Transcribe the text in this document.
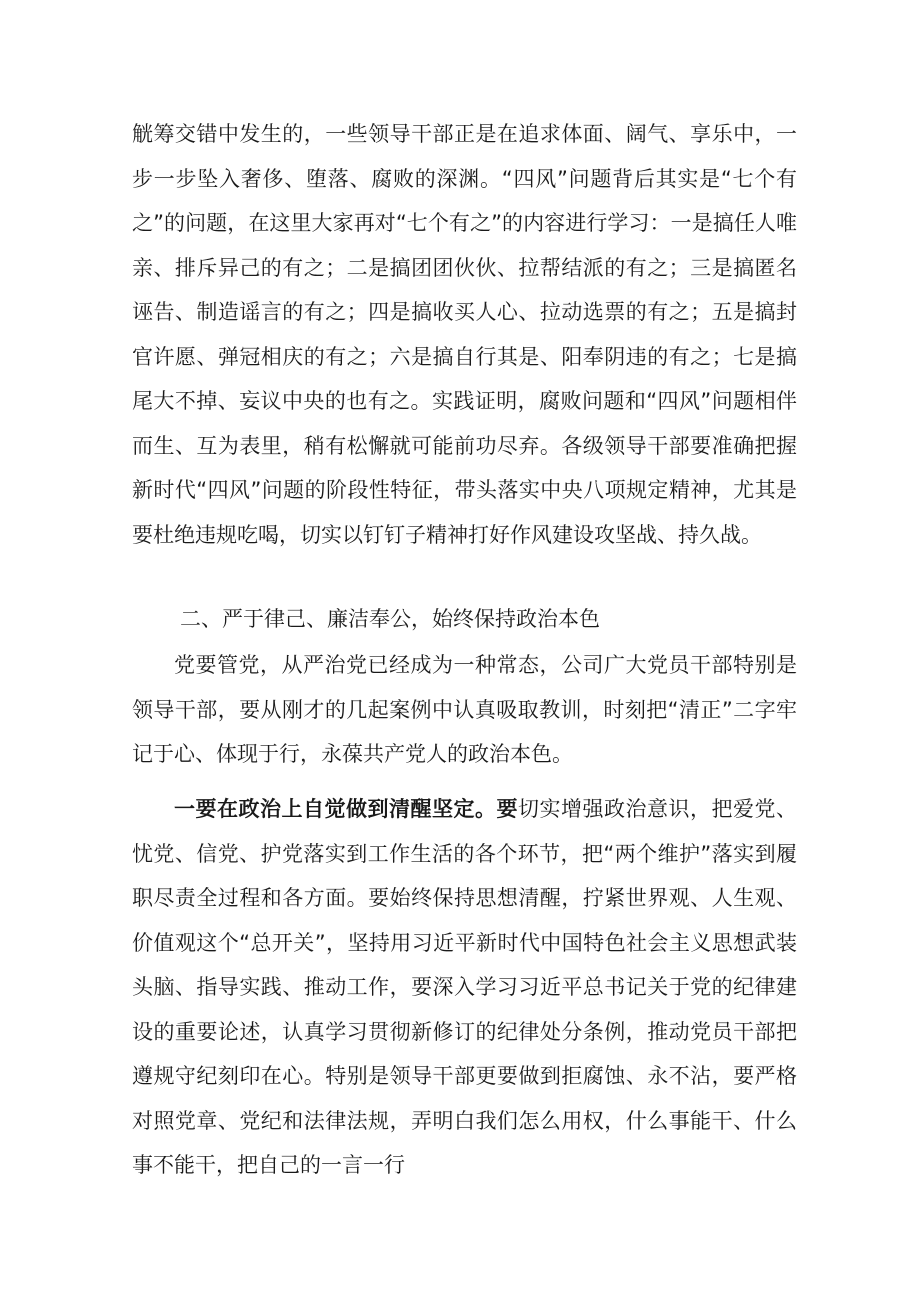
觥筹交错中发生的，一些领导干部正是在追求体面、阔气、享乐中，一步一步坠入奢侈、堕落、腐败的深渊。“四风”问题背后其实是“七个有之”的问题，在这里大家再对“七个有之”的内容进行学习：一是搞任人唯亲、排斥异己的有之；二是搞团团伙伙、拉帮结派的有之；三是搞匿名诬告、制造谣言的有之；四是搞收买人心、拉动选票的有之；五是搞封官许愿、弹冠相庆的有之；六是搞自行其是、阳奉阴违的有之；七是搞尾大不掉、妄议中央的也有之。实践证明，腐败问题和“四风”问题相伴而生、互为表里，稍有松懈就可能前功尽弃。各级领导干部要准确把握新时代“四风”问题的阶段性特征，带头落实中央八项规定精神，尤其是要杜绝违规吃喝，切实以钉钉子精神打好作风建设攻坚战、持久战。
二、严于律己、廉洁奉公，始终保持政治本色
党要管党，从严治党已经成为一种常态，公司广大党员干部特别是领导干部，要从刚才的几起案例中认真吸取教训，时刻把“清正”二字牢记于心、体现于行，永葆共产党人的政治本色。
一要在政治上自觉做到清醒坚定。要切实增强政治意识，把爱党、忧党、信党、护党落实到工作生活的各个环节，把“两个维护”落实到履职尽责全过程和各方面。要始终保持思想清醒，拧紧世界观、人生观、价值观这个“总开关”，坚持用习近平新时代中国特色社会主义思想武装头脑、指导实践、推动工作，要深入学习习近平总书记关于党的纪律建设的重要论述，认真学习贯彻新修订的纪律处分条例，推动党员干部把遵规守纪刻印在心。特别是领导干部更要做到拒腐蚀、永不沾，要严格对照党章、党纪和法律法规，弄明白我们怎么用权，什么事能干、什么事不能干，把自己的一言一行
